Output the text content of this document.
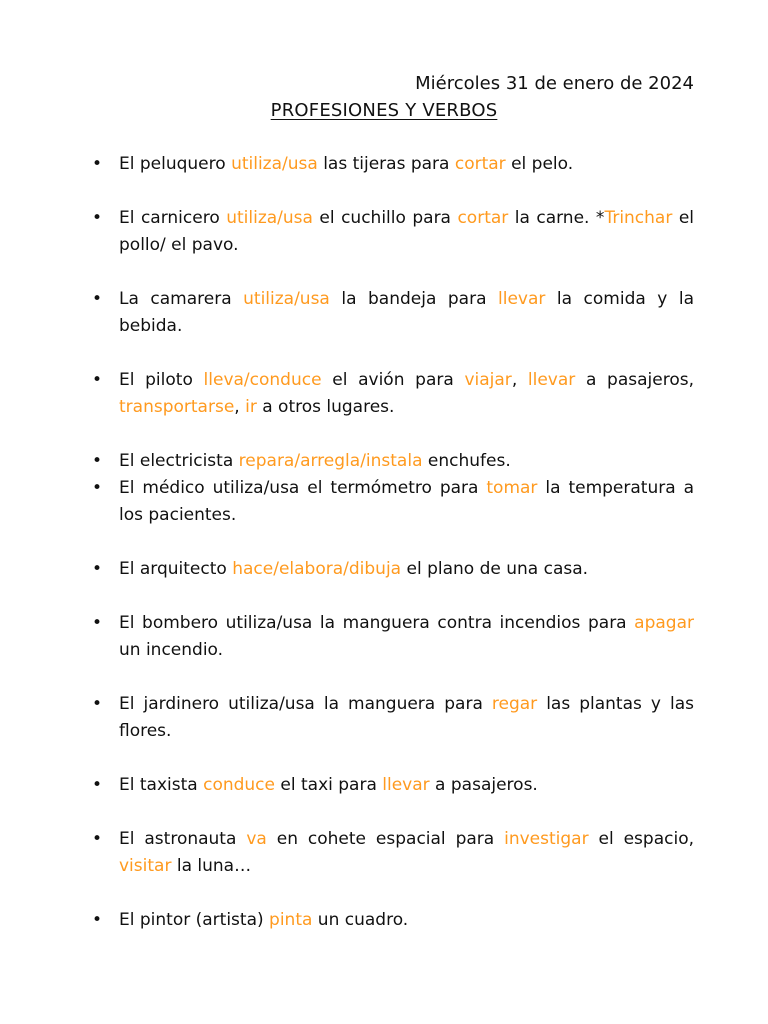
Miércoles 31 de enero de 2024
PROFESIONES Y VERBOS
• El peluquero utiliza/usa las tijeras para cortar el pelo.
• El carnicero utiliza/usa el cuchillo para cortar la carne. *Trinchar el pollo/ el pavo.
• La camarera utiliza/usa la bandeja para llevar la comida y la bebida.
• El piloto lleva/conduce el avión para viajar, llevar a pasajeros, transportarse, ir a otros lugares.
• El electricista repara/arregla/instala enchufes.
• El médico utiliza/usa el termómetro para tomar la temperatura a los pacientes.
• El arquitecto hace/elabora/dibuja el plano de una casa.
• El bombero utiliza/usa la manguera contra incendios para apagar un incendio.
• El jardinero utiliza/usa la manguera para regar las plantas y las flores.
• El taxista conduce el taxi para llevar a pasajeros.
• El astronauta va en cohete espacial para investigar el espacio, visitar la luna…
• El pintor (artista) pinta un cuadro.
